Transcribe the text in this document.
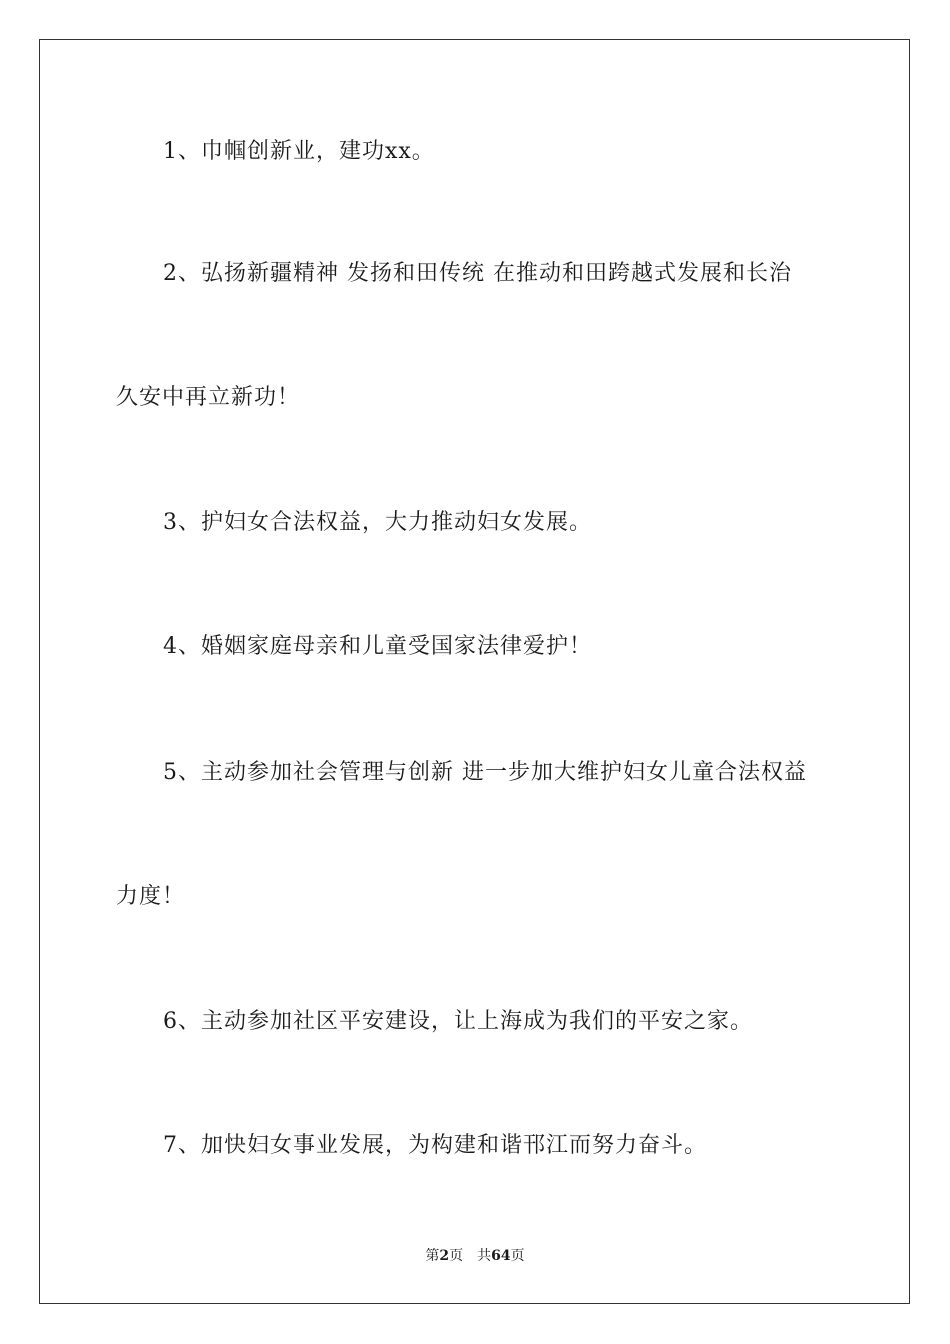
1、巾帼创新业，建功xx。
2、弘扬新疆精神 发扬和田传统 在推动和田跨越式发展和长治
久安中再立新功！
3、护妇女合法权益，大力推动妇女发展。
4、婚姻家庭母亲和儿童受国家法律爱护！
5、主动参加社会管理与创新 进一步加大维护妇女儿童合法权益
力度！
6、主动参加社区平安建设，让上海成为我们的平安之家。
7、加快妇女事业发展，为构建和谐邗江而努力奋斗。
第2页 共64页
